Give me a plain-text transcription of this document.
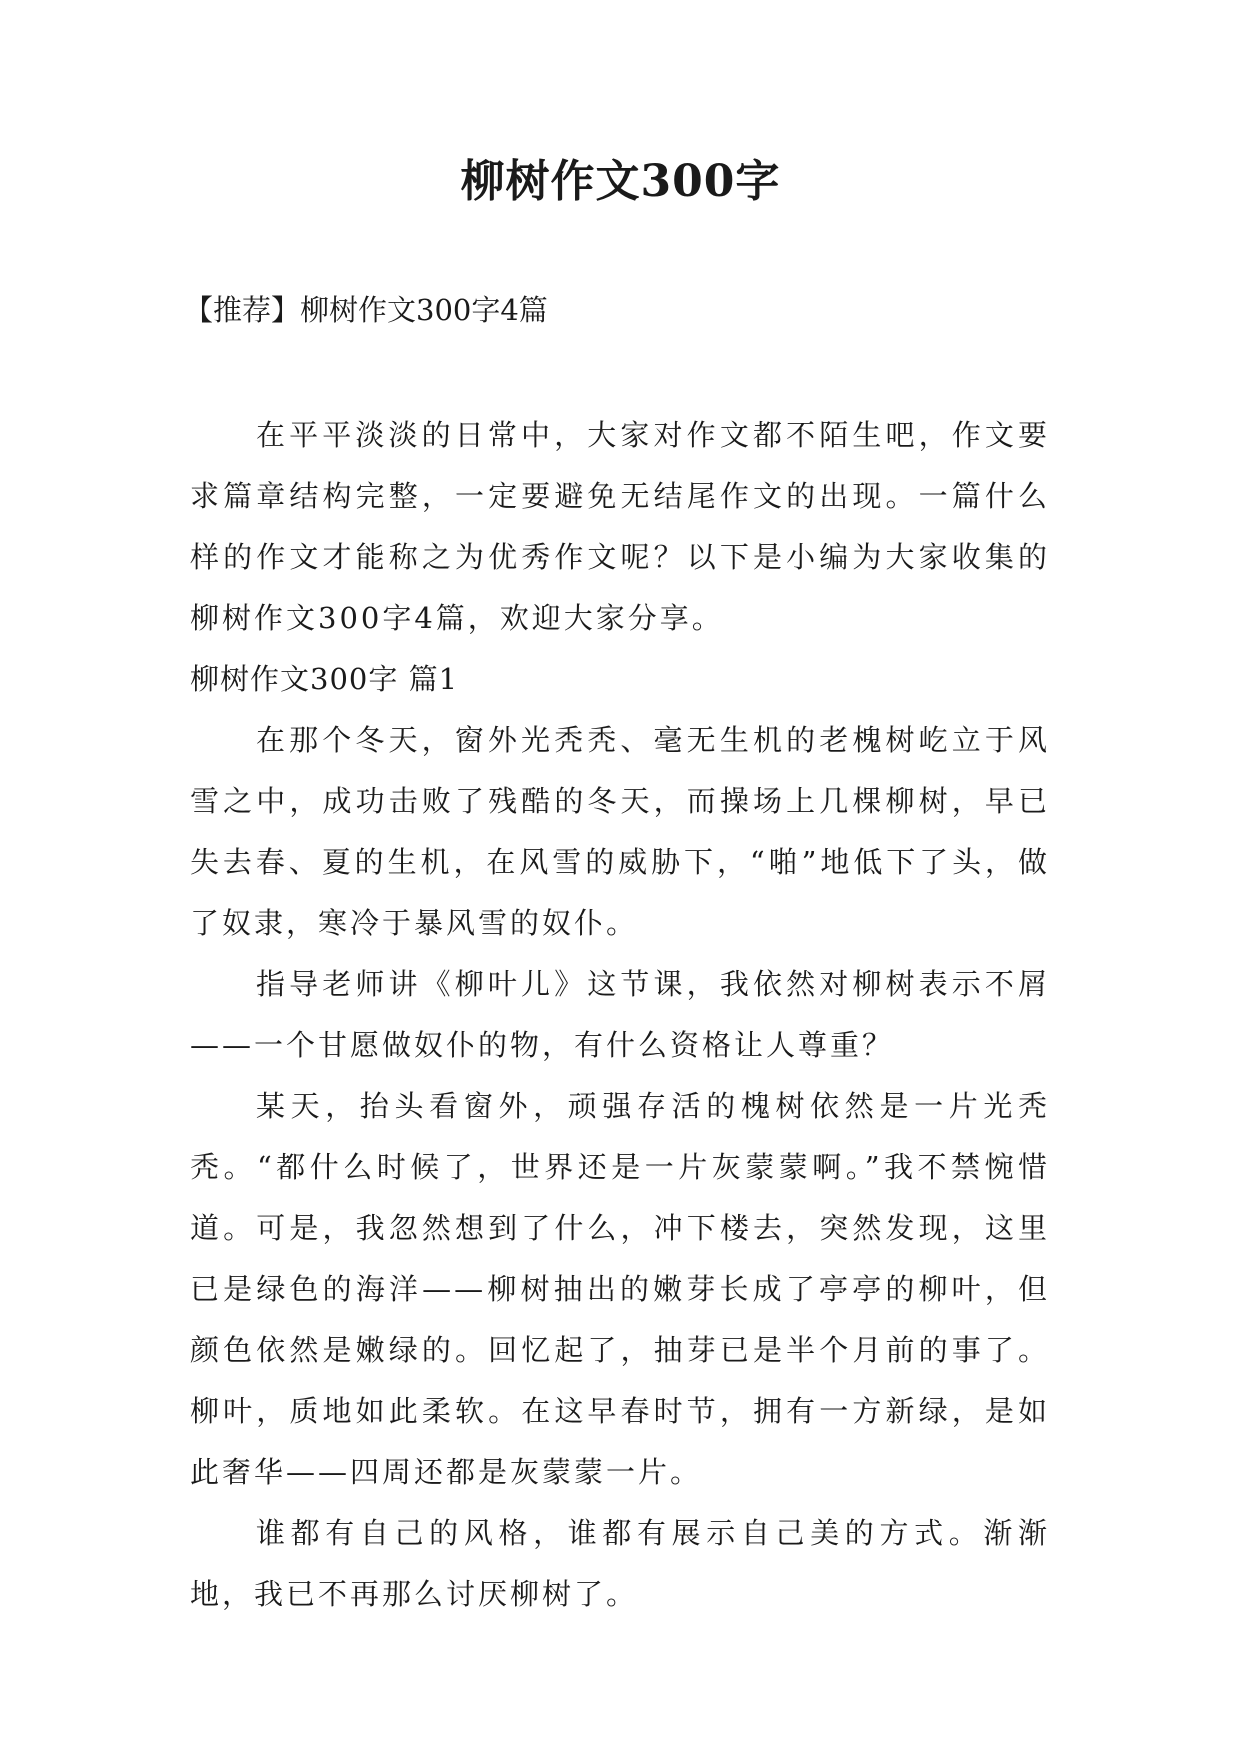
柳树作文300字
【推荐】柳树作文300字4篇

在平平淡淡的日常中，大家对作文都不陌生吧，作文要求篇章结构完整，一定要避免无结尾作文的出现。一篇什么样的作文才能称之为优秀作文呢？以下是小编为大家收集的柳树作文300字4篇，欢迎大家分享。

柳树作文300字 篇1

在那个冬天，窗外光秃秃、毫无生机的老槐树屹立于风雪之中，成功击败了残酷的冬天，而操场上几棵柳树，早已失去春、夏的生机，在风雪的威胁下，“啪”地低下了头，做了奴隶，寒冷于暴风雪的奴仆。

指导老师讲《柳叶儿》这节课，我依然对柳树表示不屑——一个甘愿做奴仆的物，有什么资格让人尊重？

某天，抬头看窗外，顽强存活的槐树依然是一片光秃秃。“都什么时候了，世界还是一片灰蒙蒙啊。”我不禁惋惜道。可是，我忽然想到了什么，冲下楼去，突然发现，这里已是绿色的海洋——柳树抽出的嫩芽长成了亭亭的柳叶，但颜色依然是嫩绿的。回忆起了，抽芽已是半个月前的事了。柳叶，质地如此柔软。在这早春时节，拥有一方新绿，是如此奢华——四周还都是灰蒙蒙一片。

谁都有自己的风格，谁都有展示自己美的方式。渐渐地，我已不再那么讨厌柳树了。
